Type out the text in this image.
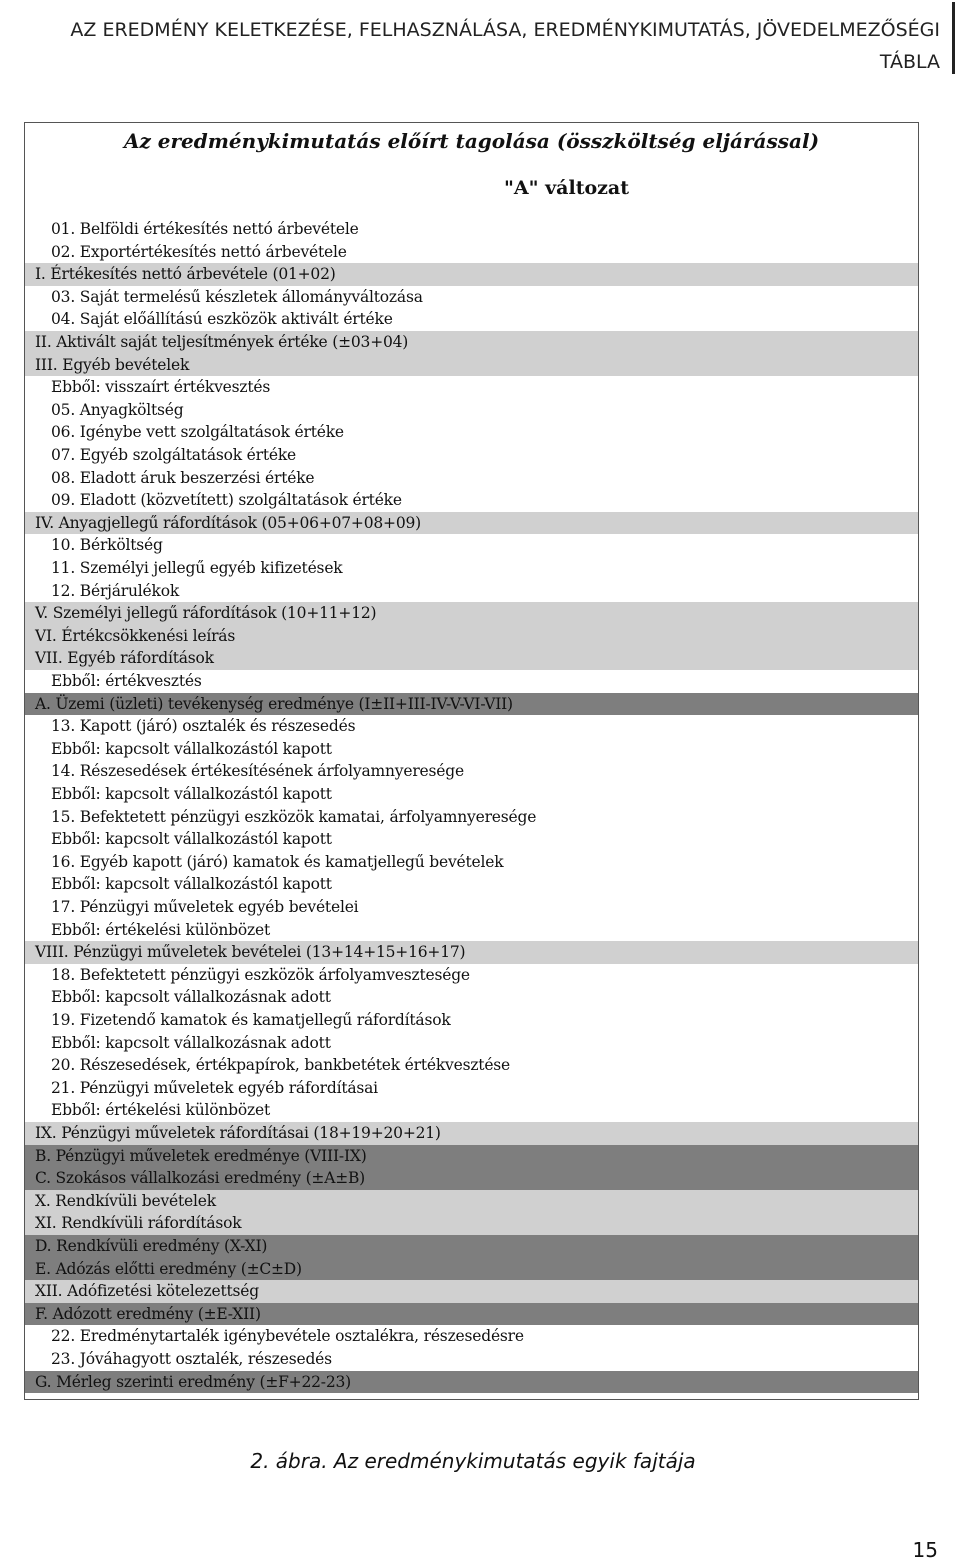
AZ EREDMÉNY KELETKEZÉSE, FELHASZNÁLÁSA, EREDMÉNYKIMUTATÁS, JÖVEDELMEZŐSÉGI
TÁBLA
Az eredménykimutatás előírt tagolása (összköltség eljárással)
"A" változat
01. Belföldi értékesítés nettó árbevétele
02. Exportértékesítés nettó árbevétele
I. Értékesítés nettó árbevétele (01+02)
03. Saját termelésű készletek állományváltozása
04. Saját előállítású eszközök aktivált értéke
II. Aktivált saját teljesítmények értéke (±03+04)
III. Egyéb bevételek
Ebből: visszaírt értékvesztés
05. Anyagköltség
06. Igénybe vett szolgáltatások értéke
07. Egyéb szolgáltatások értéke
08. Eladott áruk beszerzési értéke
09. Eladott (közvetített) szolgáltatások értéke
IV. Anyagjellegű ráfordítások (05+06+07+08+09)
10. Bérköltség
11. Személyi jellegű egyéb kifizetések
12. Bérjárulékok
V. Személyi jellegű ráfordítások (10+11+12)
VI. Értékcsökkenési leírás
VII. Egyéb ráfordítások
Ebből: értékvesztés
A. Üzemi (üzleti) tevékenység eredménye (I±II+III-IV-V-VI-VII)
13. Kapott (járó) osztalék és részesedés
Ebből: kapcsolt vállalkozástól kapott
14. Részesedések értékesítésének árfolyamnyeresége
Ebből: kapcsolt vállalkozástól kapott
15. Befektetett pénzügyi eszközök kamatai, árfolyamnyeresége
Ebből: kapcsolt vállalkozástól kapott
16. Egyéb kapott (járó) kamatok és kamatjellegű bevételek
Ebből: kapcsolt vállalkozástól kapott
17. Pénzügyi műveletek egyéb bevételei
Ebből: értékelési különbözet
VIII. Pénzügyi műveletek bevételei (13+14+15+16+17)
18. Befektetett pénzügyi eszközök árfolyamvesztesége
Ebből: kapcsolt vállalkozásnak adott
19. Fizetendő kamatok és kamatjellegű ráfordítások
Ebből: kapcsolt vállalkozásnak adott
20. Részesedések, értékpapírok, bankbetétek értékvesztése
21. Pénzügyi műveletek egyéb ráfordításai
Ebből: értékelési különbözet
IX. Pénzügyi műveletek ráfordításai (18+19+20+21)
B. Pénzügyi műveletek eredménye (VIII-IX)
C. Szokásos vállalkozási eredmény (±A±B)
X. Rendkívüli bevételek
XI. Rendkívüli ráfordítások
D. Rendkívüli eredmény (X-XI)
E. Adózás előtti eredmény (±C±D)
XII. Adófizetési kötelezettség
F. Adózott eredmény (±E-XII)
22. Eredménytartalék igénybevétele osztalékra, részesedésre
23. Jóváhagyott osztalék, részesedés
G. Mérleg szerinti eredmény (±F+22-23)
2. ábra. Az eredménykimutatás egyik fajtája
15
